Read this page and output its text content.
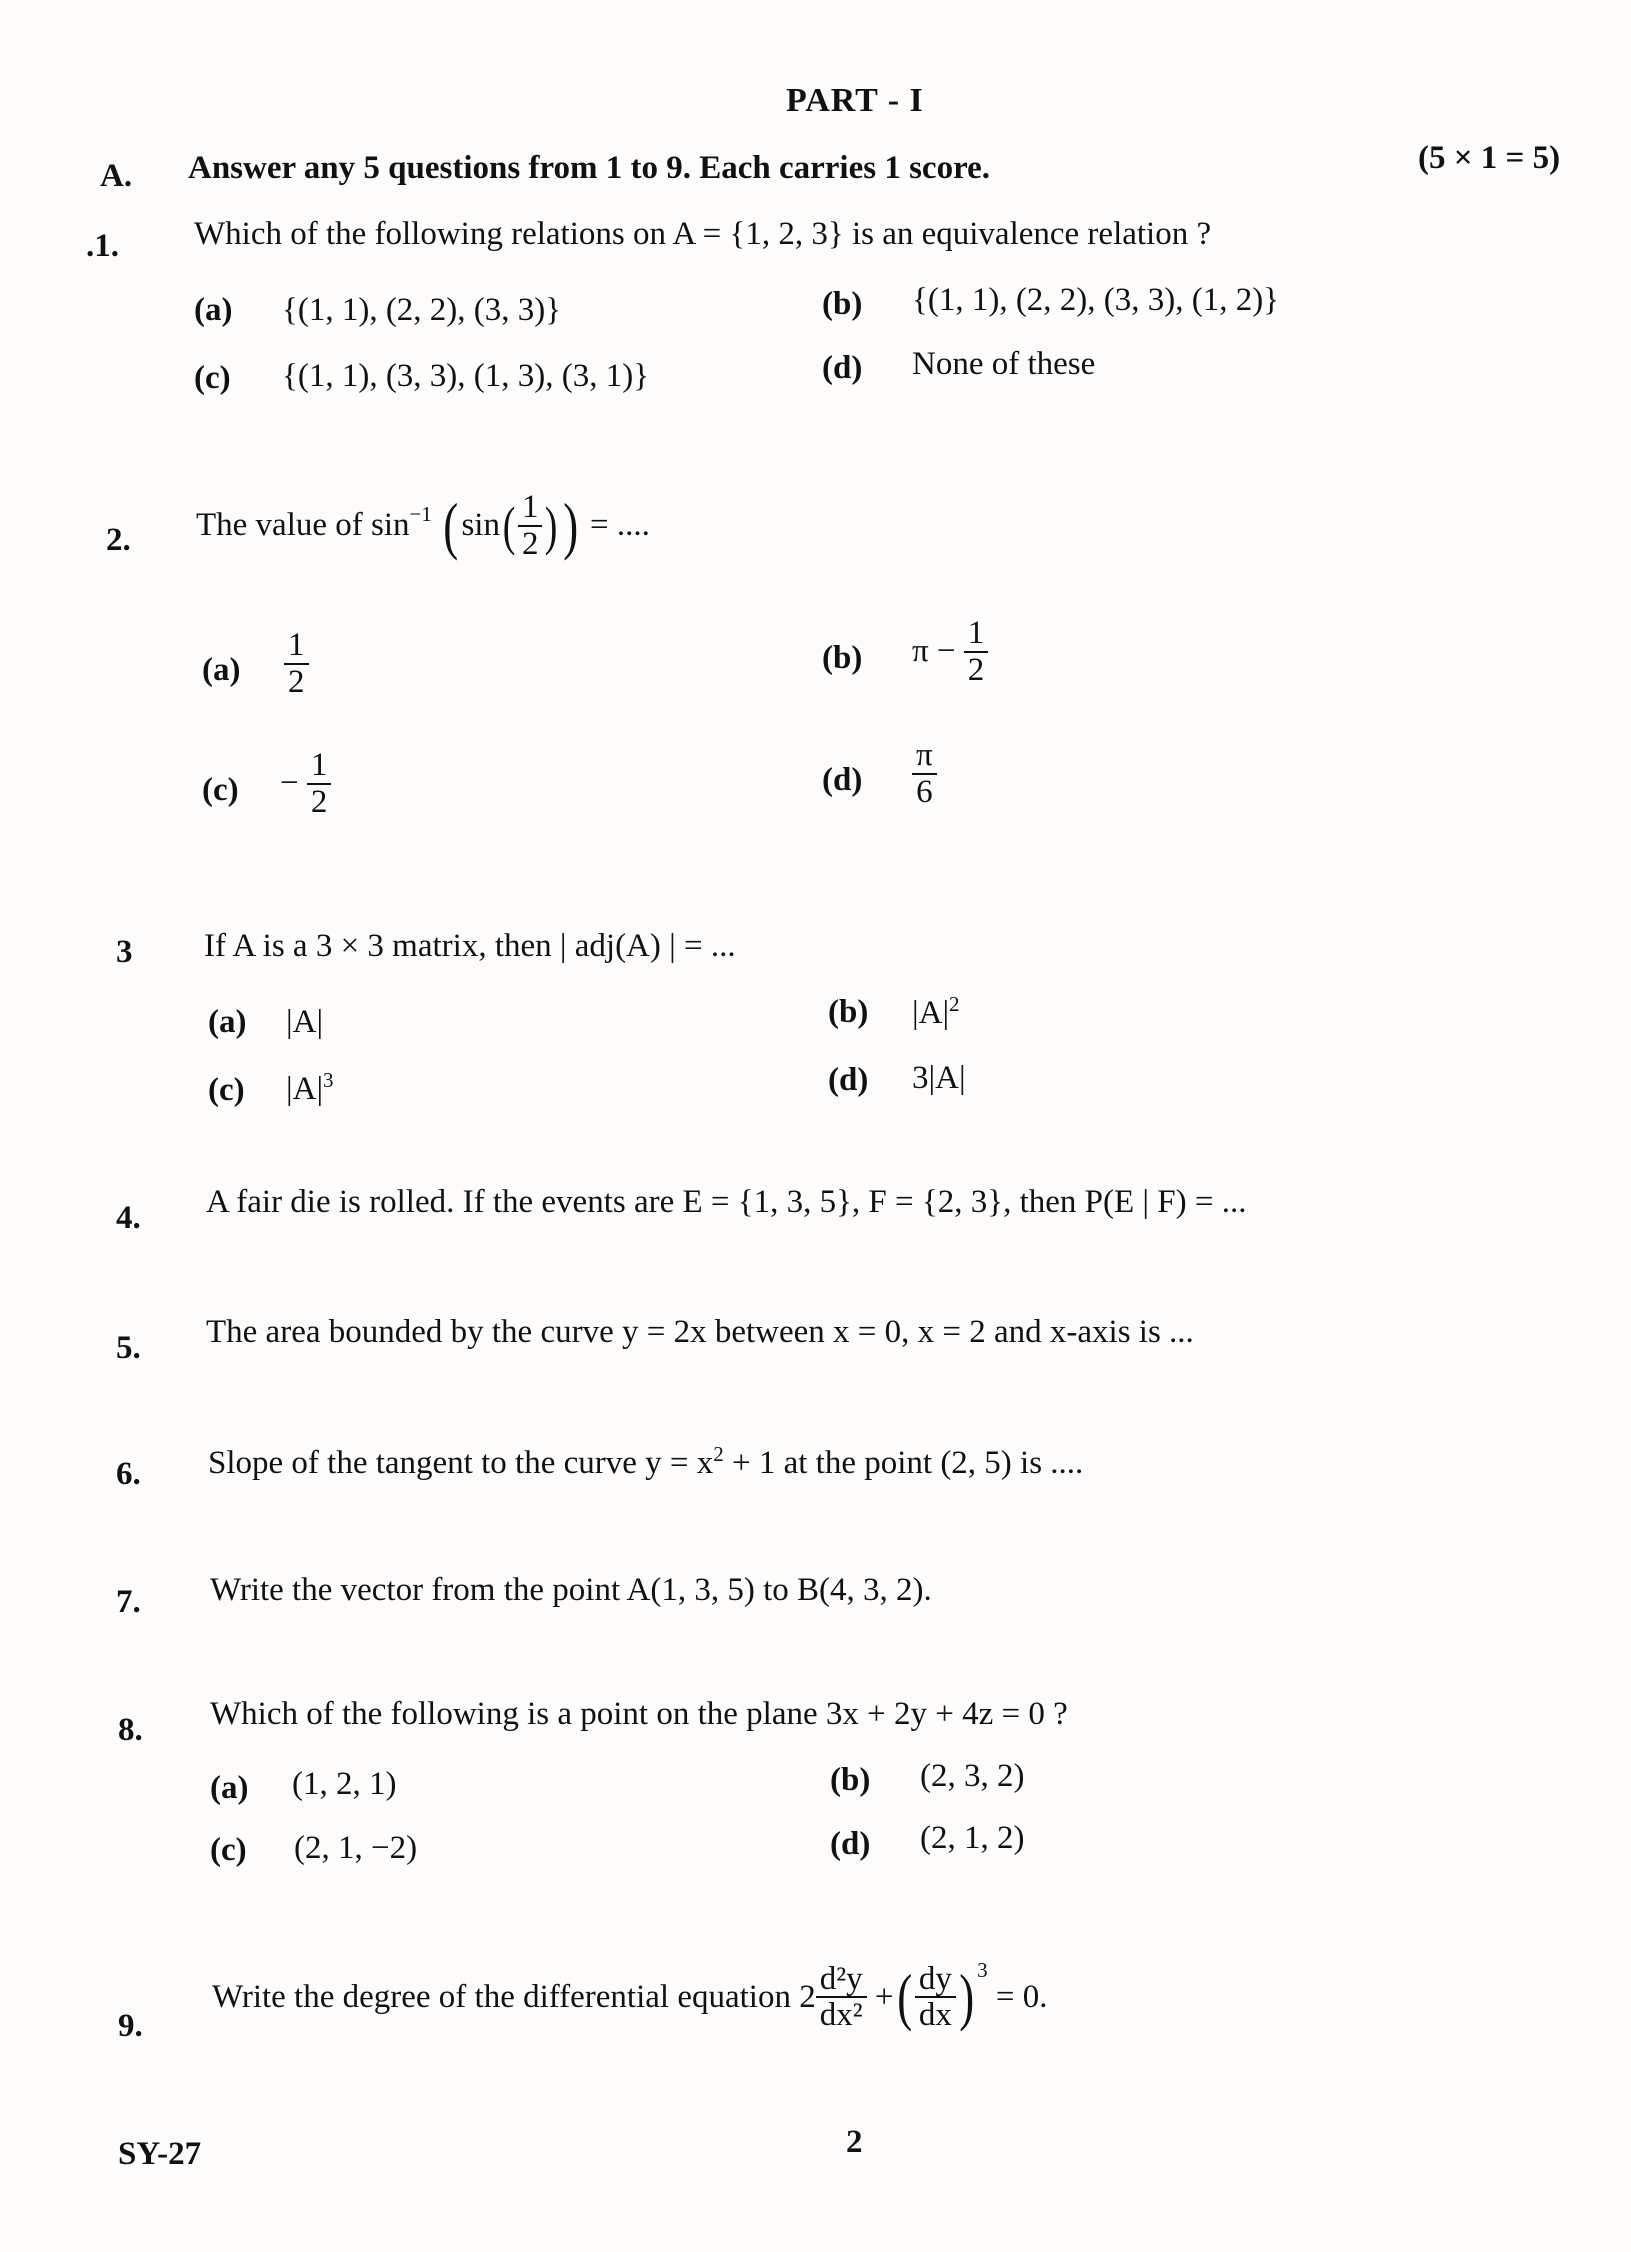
PART - I
A. Answer any 5 questions from 1 to 9. Each carries 1 score.	(5 × 1 = 5)
.1. Which of the following relations on A = {1, 2, 3} is an equivalence relation ?
(a) {(1, 1), (2, 2), (3, 3)}	(b) {(1, 1), (2, 2), (3, 3), (1, 2)}
(c) {(1, 1), (3, 3), (1, 3), (3, 1)}	(d) None of these
2. The value of $\sin^{-1} (\sin( \frac{1}{2}$ )) = ....
$(a) \frac{1}{2}$	(b) $\pi - \frac{1}{2}$
$(c) - \frac{1}{2}$	$(d) \frac{\pi}{6}$
3 If A is a 3 × 3 matrix, then | adj(A) | = ...
(a) |A|	(b) $|A|^2$
(c) $|A|^3$	(d) 3|A|
4. A fair die is rolled. If the events are E = {1, 3, 5}, F = {2, 3}, then P(E | F) = ...
5. The area bounded by the curve y = 2x between x = 0, x = 2 and x-axis is ...
6. Slope of the tangent to the curve $y = x^2 + 1$ at the point (2, 5) is ....
7. Write the vector from the point A(1, 3, 5) to B(4, 3, 2).
8. Which of the following is a point on the plane 3x + 2y + 4z = 0 ?
(a) (1, 2, 1)	(b) (2, 3, 2)
(c) (2, 1, −2)	(d) (2, 1, 2)
9.
Write the degree of the differential equation $2 \frac{\text{d²y}}{\text{dx²}}$ +( $\frac{dy}{dx}$ ) $^3$ = 0.
SY-27	2
